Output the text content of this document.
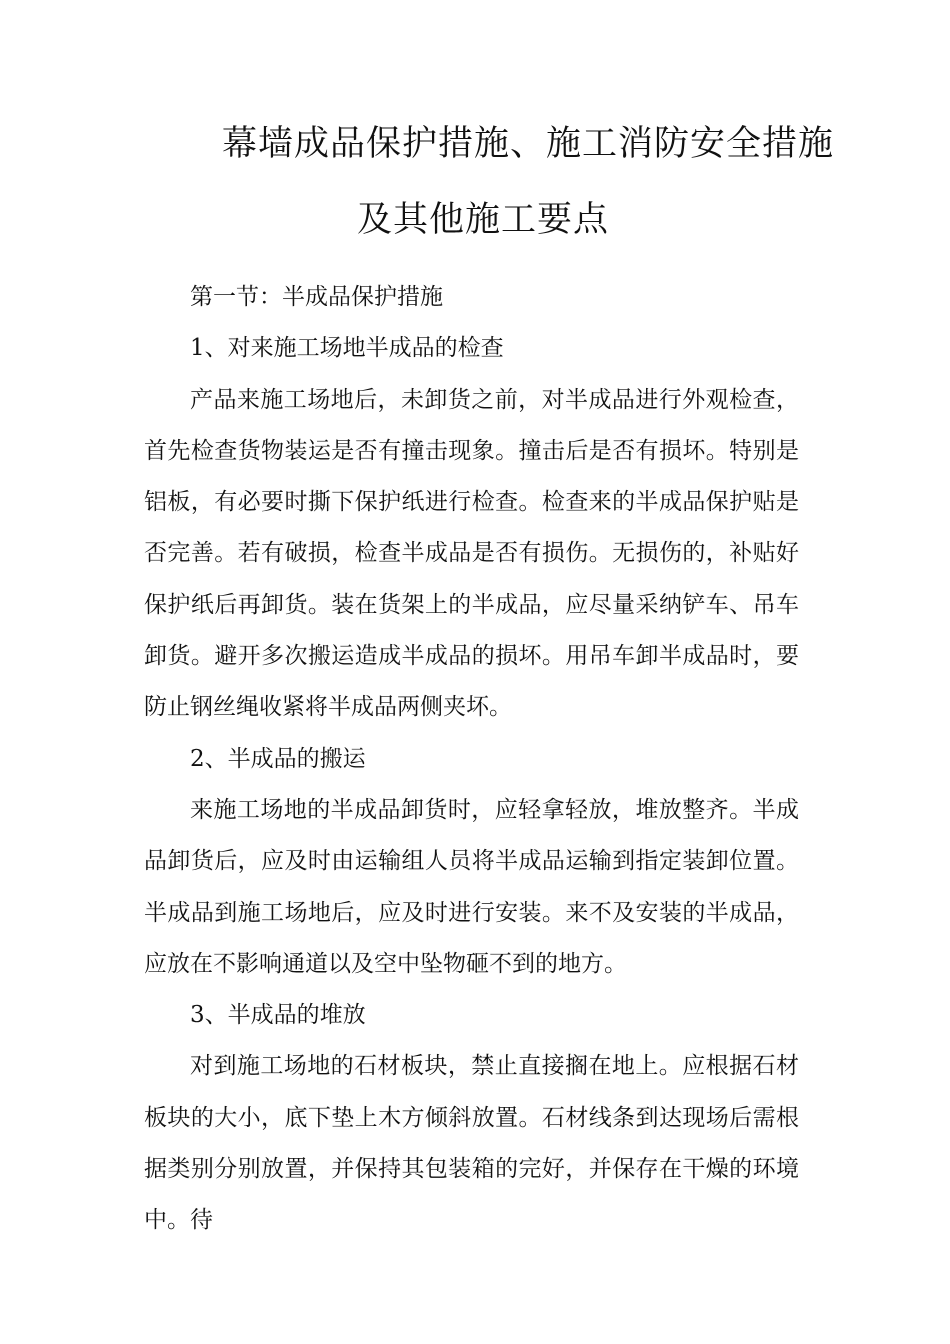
幕墙成品保护措施、施工消防安全措施
及其他施工要点

第一节：半成品保护措施

1、对来施工场地半成品的检查

产品来施工场地后，未卸货之前，对半成品进行外观检查，首先检查货物装运是否有撞击现象。撞击后是否有损坏。特别是铝板，有必要时撕下保护纸进行检查。检查来的半成品保护贴是否完善。若有破损，检查半成品是否有损伤。无损伤的，补贴好保护纸后再卸货。装在货架上的半成品，应尽量采纳铲车、吊车卸货。避开多次搬运造成半成品的损坏。用吊车卸半成品时，要防止钢丝绳收紧将半成品两侧夹坏。

2、半成品的搬运

来施工场地的半成品卸货时，应轻拿轻放，堆放整齐。半成品卸货后，应及时由运输组人员将半成品运输到指定装卸位置。半成品到施工场地后，应及时进行安装。来不及安装的半成品，应放在不影响通道以及空中坠物砸不到的地方。

3、半成品的堆放

对到施工场地的石材板块，禁止直接搁在地上。应根据石材板块的大小，底下垫上木方倾斜放置。石材线条到达现场后需根据类别分别放置，并保持其包装箱的完好，并保存在干燥的环境中。待
